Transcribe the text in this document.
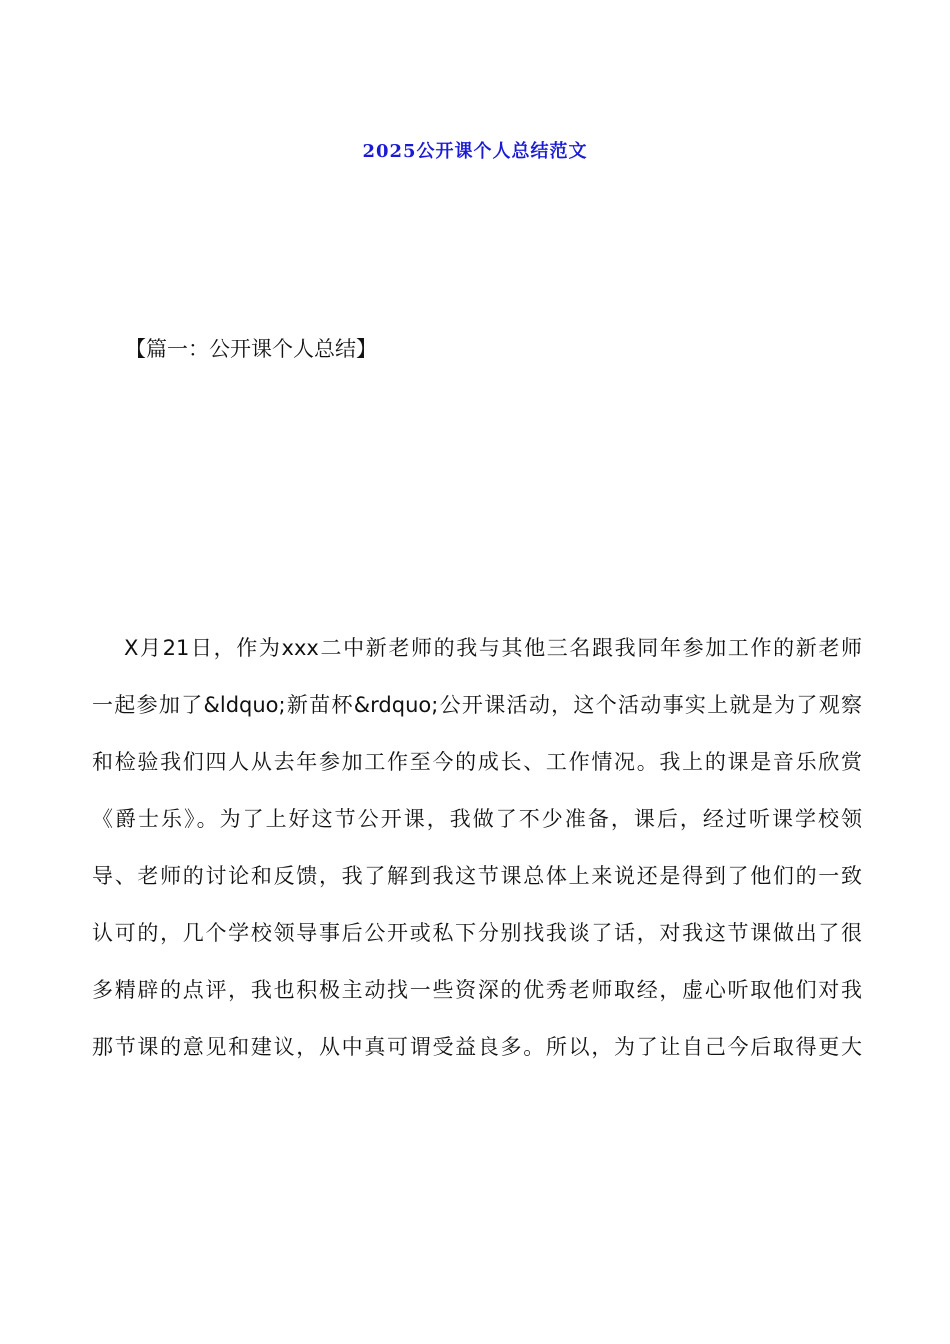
2025公开课个人总结范文
【篇一：公开课个人总结】
X月21日，作为xxx二中新老师的我与其他三名跟我同年参加工作的新老师
一起参加了&ldquo;新苗杯&rdquo;公开课活动，这个活动事实上就是为了观察
和检验我们四人从去年参加工作至今的成长、工作情况。我上的课是音乐欣赏
《爵士乐》。为了上好这节公开课，我做了不少准备，课后，经过听课学校领
导、老师的讨论和反馈，我了解到我这节课总体上来说还是得到了他们的一致
认可的，几个学校领导事后公开或私下分别找我谈了话，对我这节课做出了很
多精辟的点评，我也积极主动找一些资深的优秀老师取经，虚心听取他们对我
那节课的意见和建议，从中真可谓受益良多。所以，为了让自己今后取得更大
